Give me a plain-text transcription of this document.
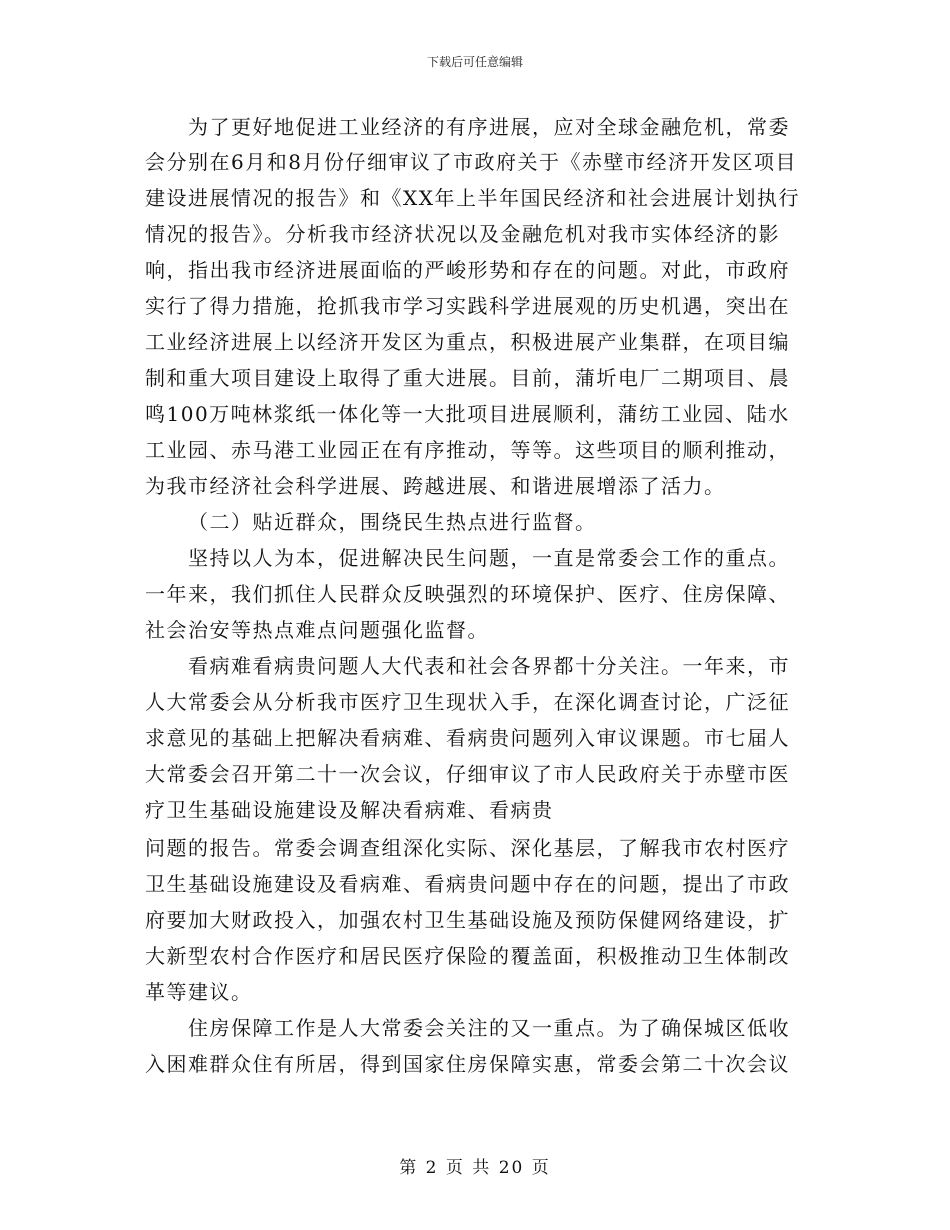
下载后可任意编辑
为了更好地促进工业经济的有序进展，应对全球金融危机，常委
会分别在6月和8月份仔细审议了市政府关于《赤壁市经济开发区项目
建设进展情况的报告》和《XX年上半年国民经济和社会进展计划执行
情况的报告》。分析我市经济状况以及金融危机对我市实体经济的影
响，指出我市经济进展面临的严峻形势和存在的问题。对此，市政府
实行了得力措施，抢抓我市学习实践科学进展观的历史机遇，突出在
工业经济进展上以经济开发区为重点，积极进展产业集群，在项目编
制和重大项目建设上取得了重大进展。目前，蒲圻电厂二期项目、晨
鸣100万吨林浆纸一体化等一大批项目进展顺利，蒲纺工业园、陆水
工业园、赤马港工业园正在有序推动，等等。这些项目的顺利推动，
为我市经济社会科学进展、跨越进展、和谐进展增添了活力。
（二）贴近群众，围绕民生热点进行监督。
坚持以人为本，促进解决民生问题，一直是常委会工作的重点。
一年来，我们抓住人民群众反映强烈的环境保护、医疗、住房保障、
社会治安等热点难点问题强化监督。
看病难看病贵问题人大代表和社会各界都十分关注。一年来，市
人大常委会从分析我市医疗卫生现状入手，在深化调查讨论，广泛征
求意见的基础上把解决看病难、看病贵问题列入审议课题。市七届人
大常委会召开第二十一次会议，仔细审议了市人民政府关于赤壁市医
疗卫生基础设施建设及解决看病难、看病贵
问题的报告。常委会调查组深化实际、深化基层，了解我市农村医疗
卫生基础设施建设及看病难、看病贵问题中存在的问题，提出了市政
府要加大财政投入，加强农村卫生基础设施及预防保健网络建设，扩
大新型农村合作医疗和居民医疗保险的覆盖面，积极推动卫生体制改
革等建议。
住房保障工作是人大常委会关注的又一重点。为了确保城区低收
入困难群众住有所居，得到国家住房保障实惠，常委会第二十次会议
第 2 页 共 20 页
